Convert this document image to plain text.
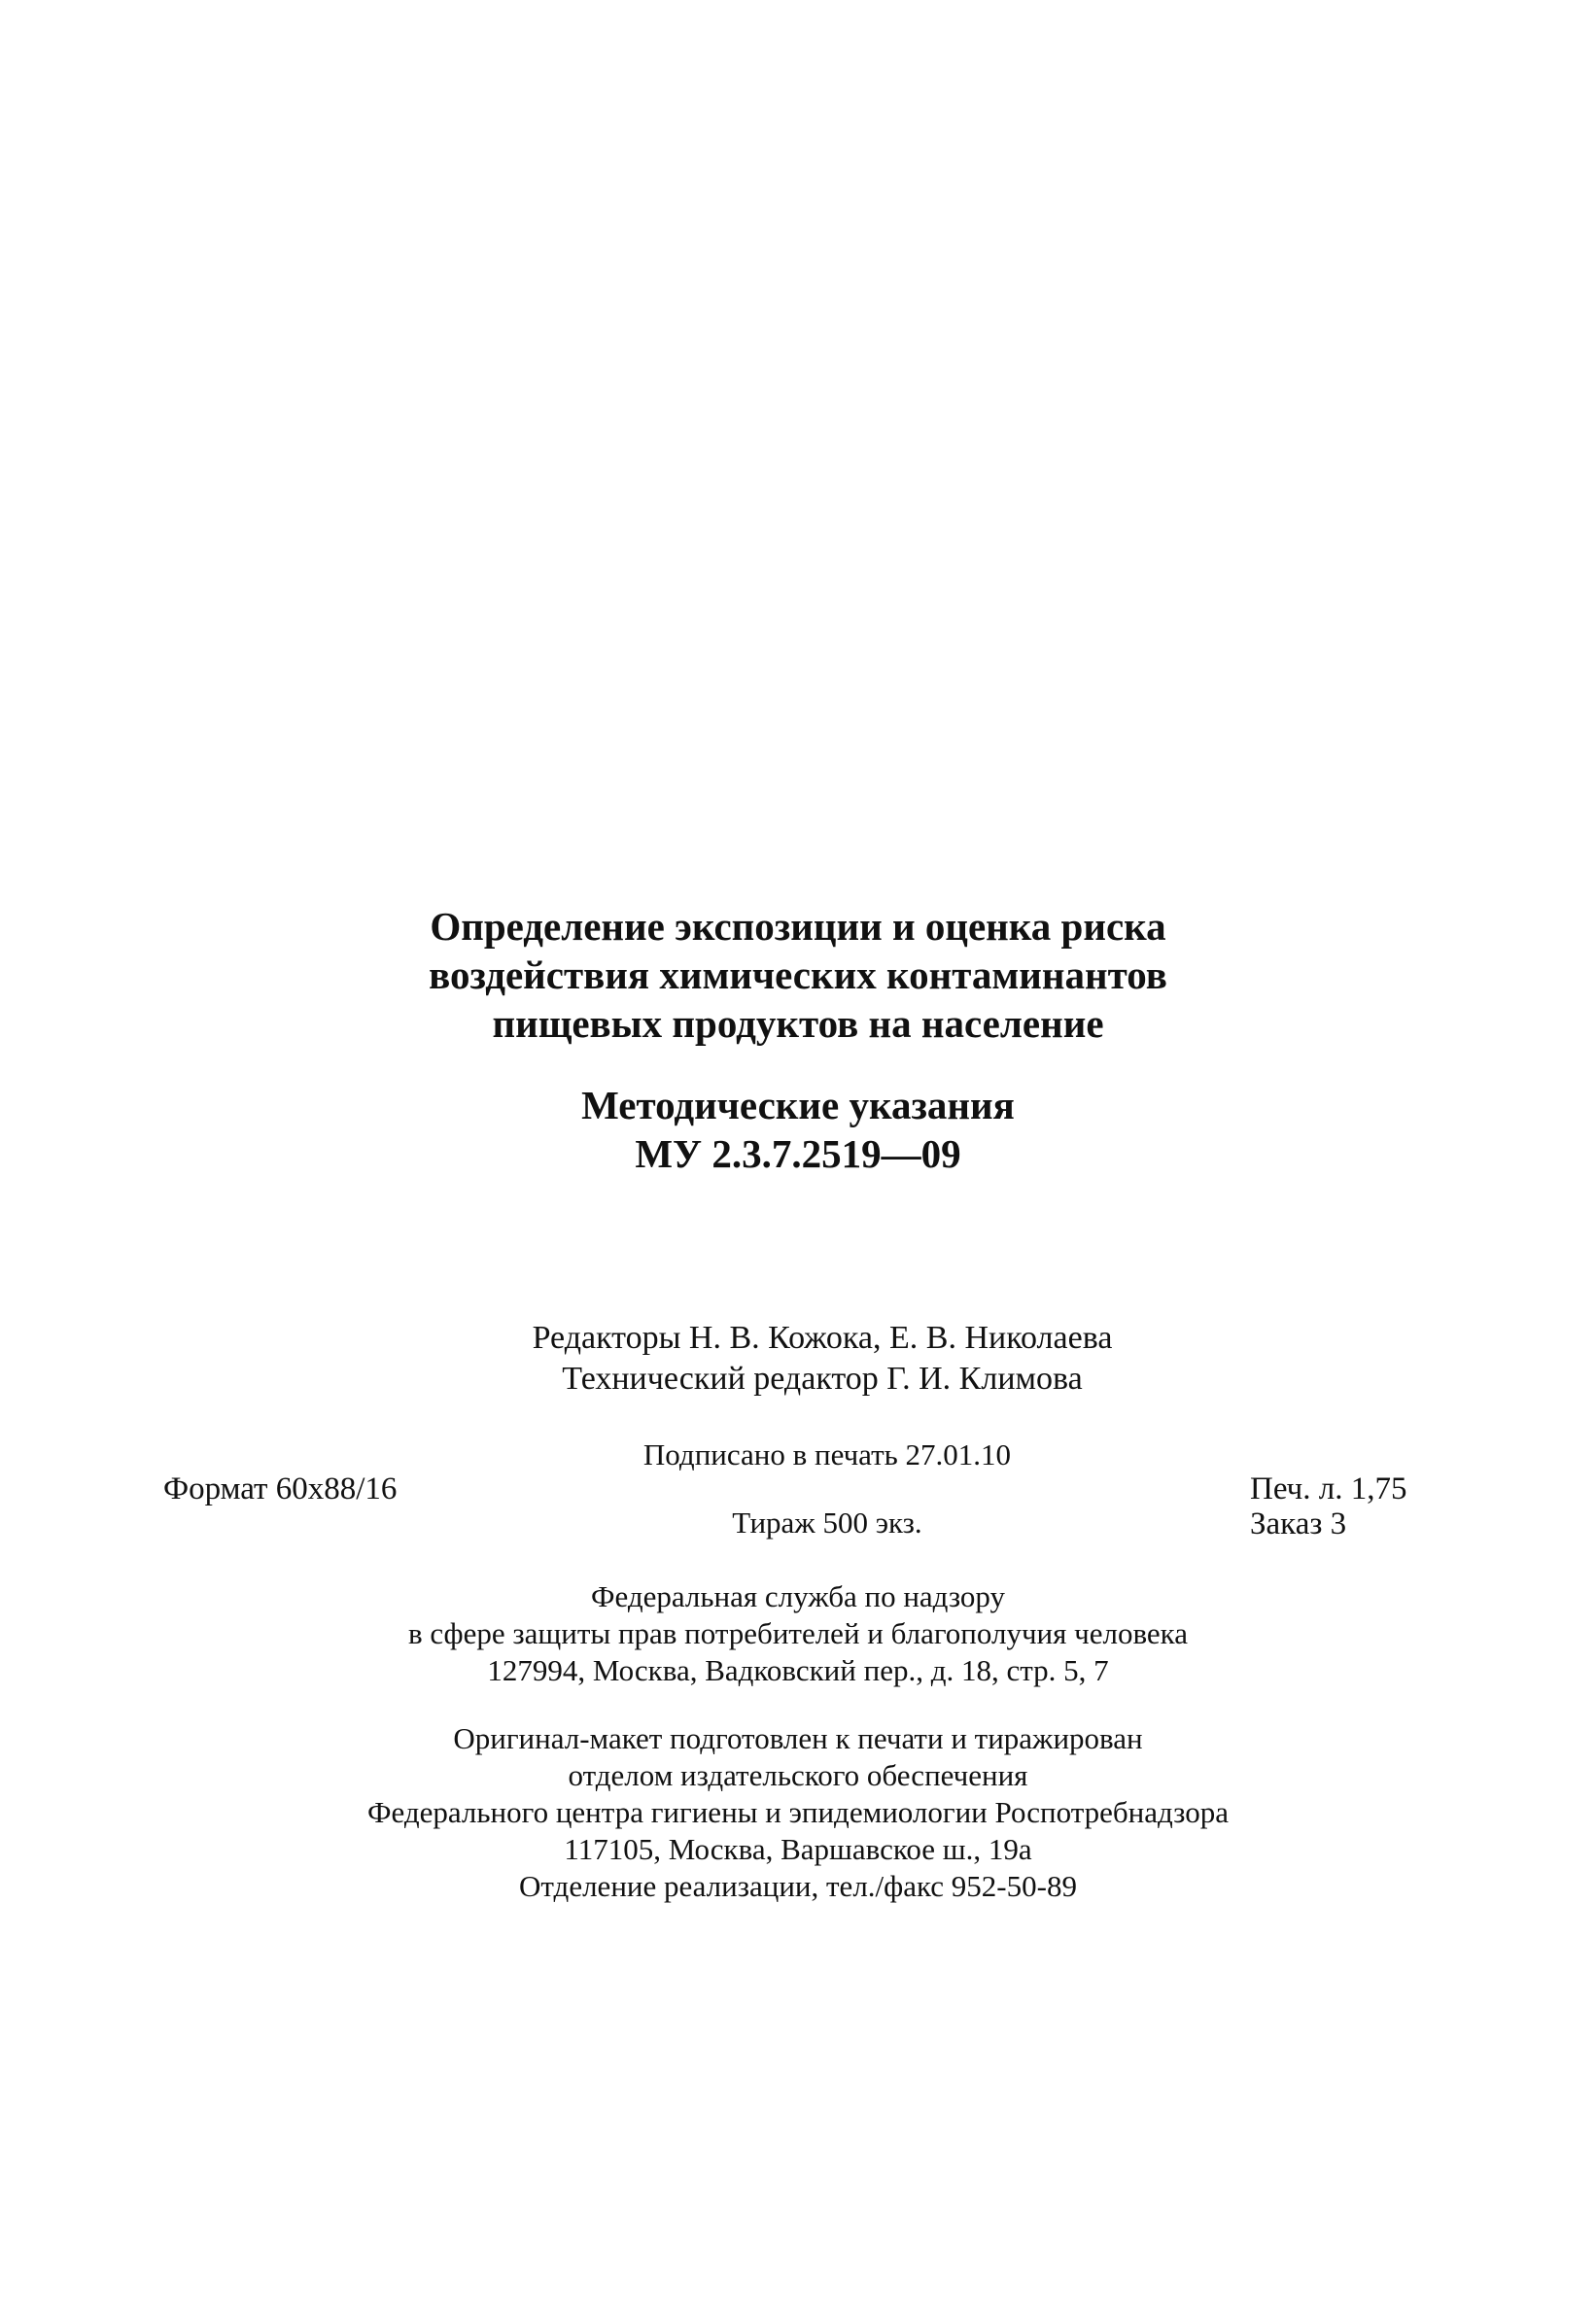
Определение экспозиции и оценка риска
воздействия химических контаминантов
пищевых продуктов на население
Методические указания
МУ 2.3.7.2519—09
Редакторы Н. В. Кожока, Е. В. Николаева
Технический редактор Г. И. Климова
Подписано в печать 27.01.10
Формат 60x88/16	Печ. л. 1,75
Тираж 500 экз.	Заказ 3
Федеральная служба по надзору
в сфере защиты прав потребителей и благополучия человека
127994, Москва, Вадковский пер., д. 18, стр. 5, 7
Оригинал-макет подготовлен к печати и тиражирован
отделом издательского обеспечения
Федерального центра гигиены и эпидемиологии Роспотребнадзора
117105, Москва, Варшавское ш., 19а
Отделение реализации, тел./факс 952-50-89
